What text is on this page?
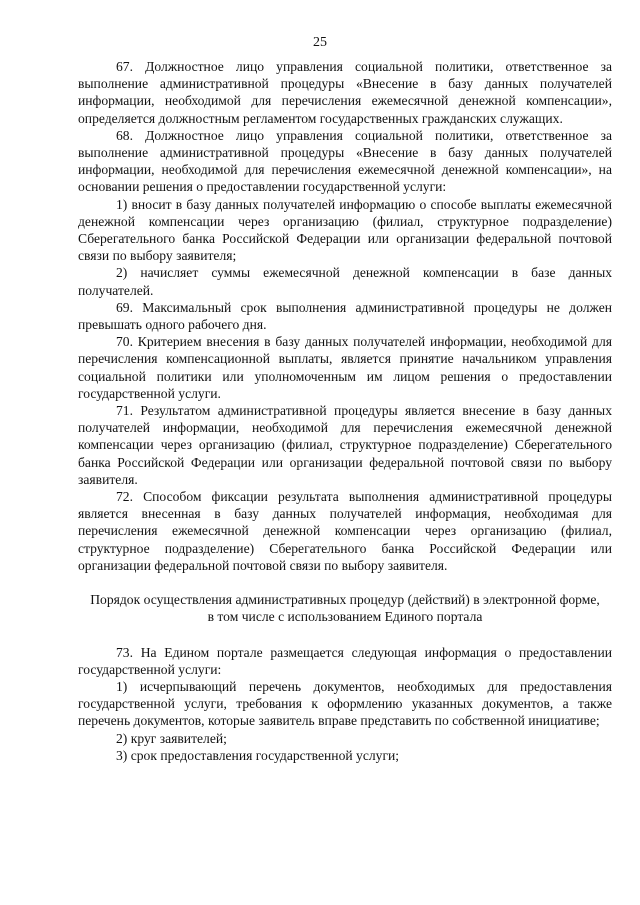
25

67. Должностное лицо управления социальной политики, ответственное за выполнение административной процедуры «Внесение в базу данных получателей информации, необходимой для перечисления ежемесячной денежной компенсации», определяется должностным регламентом государственных гражданских служащих.

68. Должностное лицо управления социальной политики, ответственное за выполнение административной процедуры «Внесение в базу данных получателей информации, необходимой для перечисления ежемесячной денежной компенсации», на основании решения о предоставлении государственной услуги:

1) вносит в базу данных получателей информацию о способе выплаты ежемесячной денежной компенсации через организацию (филиал, структурное подразделение) Сберегательного банка Российской Федерации или организации федеральной почтовой связи по выбору заявителя;

2) начисляет суммы ежемесячной денежной компенсации в базе данных получателей.

69. Максимальный срок выполнения административной процедуры не должен превышать одного рабочего дня.

70. Критерием внесения в базу данных получателей информации, необходимой для перечисления компенсационной выплаты, является принятие начальником управления социальной политики или уполномоченным им лицом решения о предоставлении государственной услуги.

71. Результатом административной процедуры является внесение в базу данных получателей информации, необходимой для перечисления ежемесячной денежной компенсации через организацию (филиал, структурное подразделение) Сберегательного банка Российской Федерации или организации федеральной почтовой связи по выбору заявителя.

72. Способом фиксации результата выполнения административной процедуры является внесенная в базу данных получателей информация, необходимая для перечисления ежемесячной денежной компенсации через организацию (филиал, структурное подразделение) Сберегательного банка Российской Федерации или организации федеральной почтовой связи по выбору заявителя.

Порядок осуществления административных процедур (действий) в электронной форме, в том числе с использованием Единого портала

73. На Едином портале размещается следующая информация о предоставлении государственной услуги:

1) исчерпывающий перечень документов, необходимых для предоставления государственной услуги, требования к оформлению указанных документов, а также перечень документов, которые заявитель вправе представить по собственной инициативе;

2) круг заявителей;

3) срок предоставления государственной услуги;
